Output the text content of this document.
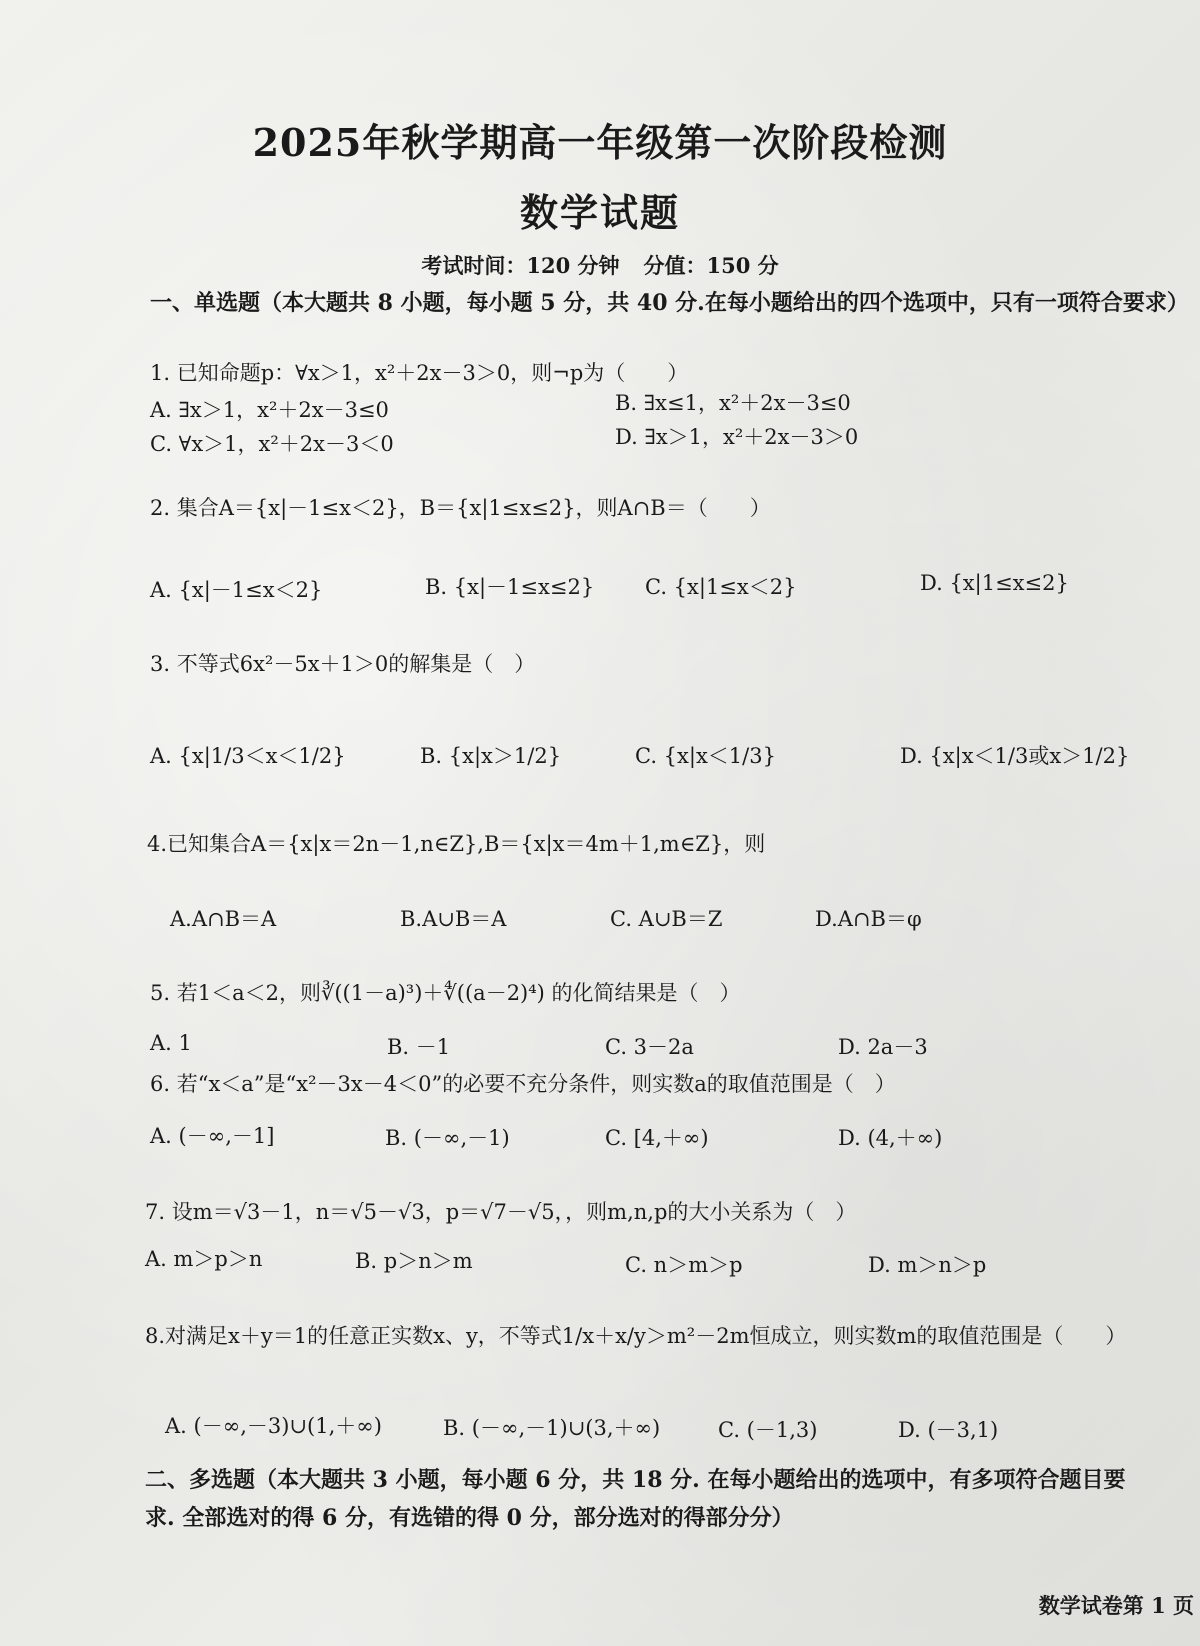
2025年秋学期高一年级第一次阶段检测
数学试题
考试时间：120 分钟 分值：150 分
一、单选题（本大题共 8 小题，每小题 5 分，共 40 分.在每小题给出的四个选项中，只有一项符合要求）
1. 已知命题p：∀x＞1，x²＋2x－3＞0，则¬p为（　　）
A. ∃x＞1，x²＋2x－3≤0	B. ∃x≤1，x²＋2x－3≤0
C. ∀x＞1，x²＋2x－3＜0	D. ∃x＞1，x²＋2x－3＞0
2. 集合A＝{x|－1≤x＜2}，B＝{x|1≤x≤2}，则A∩B＝（　　）
A. {x|－1≤x＜2}	B. {x|－1≤x≤2} C. {x|1≤x＜2}	D. {x|1≤x≤2}
3. 不等式6x²－5x＋1＞0的解集是（　）
A. {x|1/3＜x＜1/2}	B. {x|x＞1/2}	C. {x|x＜1/3}	D. {x|x＜1/3或x＞1/2}
4.已知集合A＝{x|x＝2n－1,n∈Z},B＝{x|x＝4m＋1,m∈Z}，则
A.A∩B＝A	B.A∪B＝A	C. A∪B＝Z	D.A∩B＝φ
5. 若1＜a＜2，则∛((1－a)³)＋∜((a－2)⁴) 的化简结果是（　）
A. 1	B. －1	C. 3－2a	D. 2a－3
6. 若“x＜a”是“x²－3x－4＜0”的必要不充分条件，则实数a的取值范围是（　）
A. (－∞,－1]	B. (－∞,－1)	C. [4,＋∞)	D. (4,＋∞)
7. 设m＝√3－1，n＝√5－√3，p＝√7－√5，，则m,n,p的大小关系为（　）
A. m＞p＞n	B. p＞n＞m	C. n＞m＞p	D. m＞n＞p
8.对满足x＋y＝1的任意正实数x、y，不等式1/x＋x/y＞m²－2m恒成立，则实数m的取值范围是（　　）
A. (－∞,－3)∪(1,＋∞)	B. (－∞,－1)∪(3,＋∞)	C. (－1,3)	D. (－3,1)
二、多选题（本大题共 3 小题，每小题 6 分，共 18 分. 在每小题给出的选项中，有多项符合题目要求. 全部选对的得 6 分，有选错的得 0 分，部分选对的得部分分）
数学试卷第 1 页
